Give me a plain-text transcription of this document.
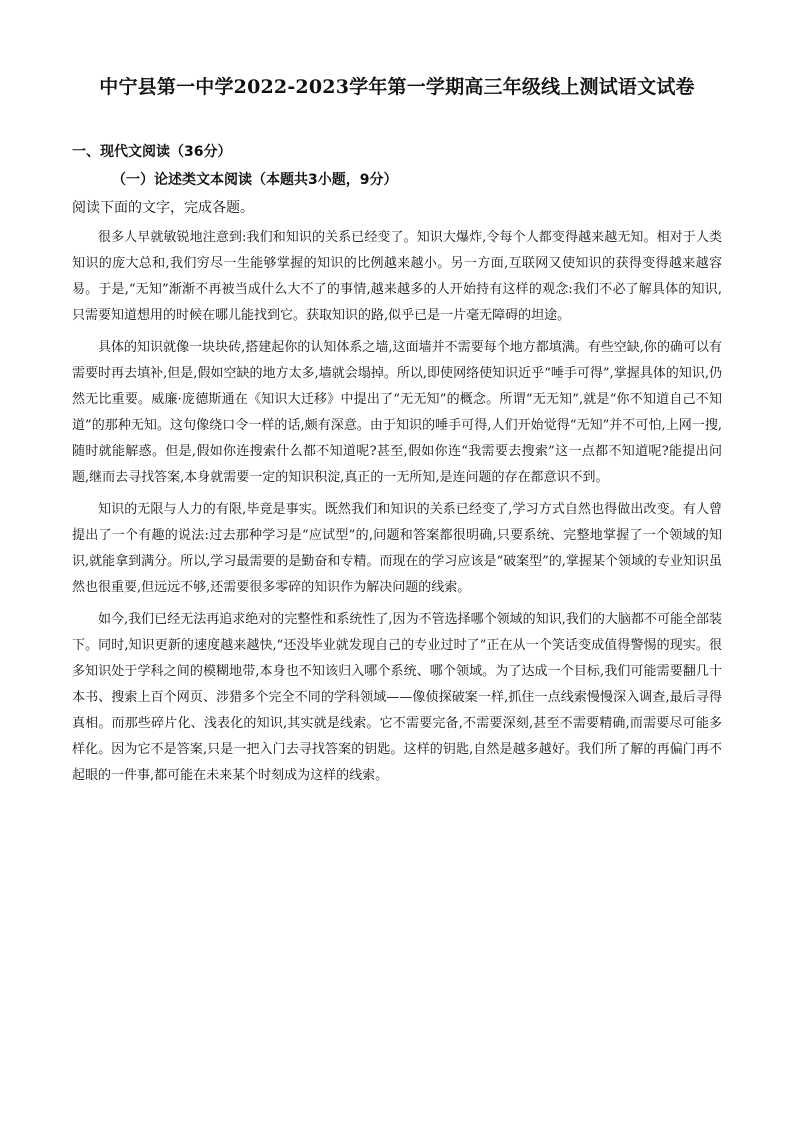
中宁县第一中学2022-2023学年第一学期高三年级线上测试语文试卷
一、现代文阅读（36分）
（一）论述类文本阅读（本题共3小题，9分）
阅读下面的文字，完成各题。

很多人早就敏锐地注意到:我们和知识的关系已经变了。知识大爆炸,令每个人都变得越来越无知。相对于人类知识的庞大总和,我们穷尽一生能够掌握的知识的比例越来越小。另一方面,互联网又使知识的获得变得越来越容易。于是,“无知”渐渐不再被当成什么大不了的事情,越来越多的人开始持有这样的观念:我们不必了解具体的知识,只需要知道想用的时候在哪儿能找到它。获取知识的路,似乎已是一片毫无障碍的坦途。

具体的知识就像一块块砖,搭建起你的认知体系之墙,这面墙并不需要每个地方都填满。有些空缺,你的确可以有需要时再去填补,但是,假如空缺的地方太多,墙就会塌掉。所以,即使网络使知识近乎“唾手可得”,掌握具体的知识,仍然无比重要。威廉·庞德斯通在《知识大迁移》中提出了“无无知”的概念。所谓“无无知”,就是“你不知道自己不知道”的那种无知。这句像绕口令一样的话,颇有深意。由于知识的唾手可得,人们开始觉得“无知”并不可怕,上网一搜,随时就能解惑。但是,假如你连搜索什么都不知道呢?甚至,假如你连“我需要去搜索”这一点都不知道呢?能提出问题,继而去寻找答案,本身就需要一定的知识积淀,真正的一无所知,是连问题的存在都意识不到。

知识的无限与人力的有限,毕竟是事实。既然我们和知识的关系已经变了,学习方式自然也得做出改变。有人曾提出了一个有趣的说法:过去那种学习是“应试型”的,问题和答案都很明确,只要系统、完整地掌握了一个领域的知识,就能拿到满分。所以,学习最需要的是勤奋和专精。而现在的学习应该是“破案型”的,掌握某个领域的专业知识虽然也很重要,但远远不够,还需要很多零碎的知识作为解决问题的线索。

如今,我们已经无法再追求绝对的完整性和系统性了,因为不管选择哪个领域的知识,我们的大脑都不可能全部装下。同时,知识更新的速度越来越快,“还没毕业就发现自己的专业过时了”正在从一个笑话变成值得警惕的现实。很多知识处于学科之间的模糊地带,本身也不知该归入哪个系统、哪个领域。为了达成一个目标,我们可能需要翻几十本书、搜索上百个网页、涉猎多个完全不同的学科领域——像侦探破案一样,抓住一点线索慢慢深入调查,最后寻得真相。而那些碎片化、浅表化的知识,其实就是线索。它不需要完备,不需要深刻,甚至不需要精确,而需要尽可能多样化。因为它不是答案,只是一把入门去寻找答案的钥匙。这样的钥匙,自然是越多越好。我们所了解的再偏门再不起眼的一件事,都可能在未来某个时刻成为这样的线索。
